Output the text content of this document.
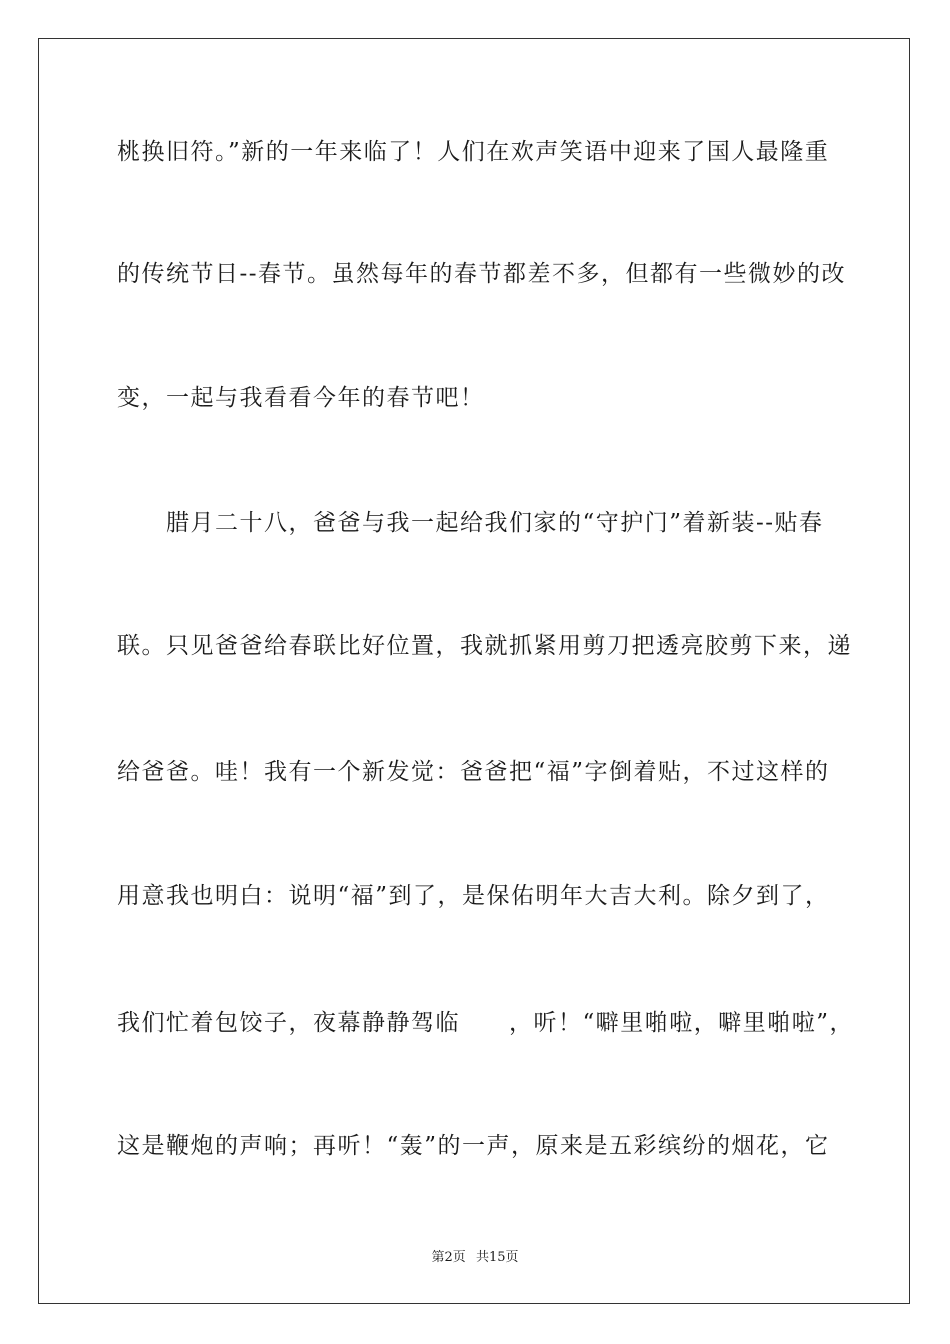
桃换旧符。”新的一年来临了！人们在欢声笑语中迎来了国人最隆重

的传统节日--春节。虽然每年的春节都差不多，但都有一些微妙的改

变，一起与我看看今年的春节吧！

　　腊月二十八，爸爸与我一起给我们家的“守护门”着新装--贴春

联。只见爸爸给春联比好位置，我就抓紧用剪刀把透亮胶剪下来，递

给爸爸。哇！我有一个新发觉：爸爸把“福”字倒着贴，不过这样的

用意我也明白：说明“福”到了，是保佑明年大吉大利。除夕到了，

我们忙着包饺子，夜幕静静驾临　　，听！“噼里啪啦，噼里啪啦”，

这是鞭炮的声响；再听！“轰”的一声，原来是五彩缤纷的烟花，它

第2页 共15页
